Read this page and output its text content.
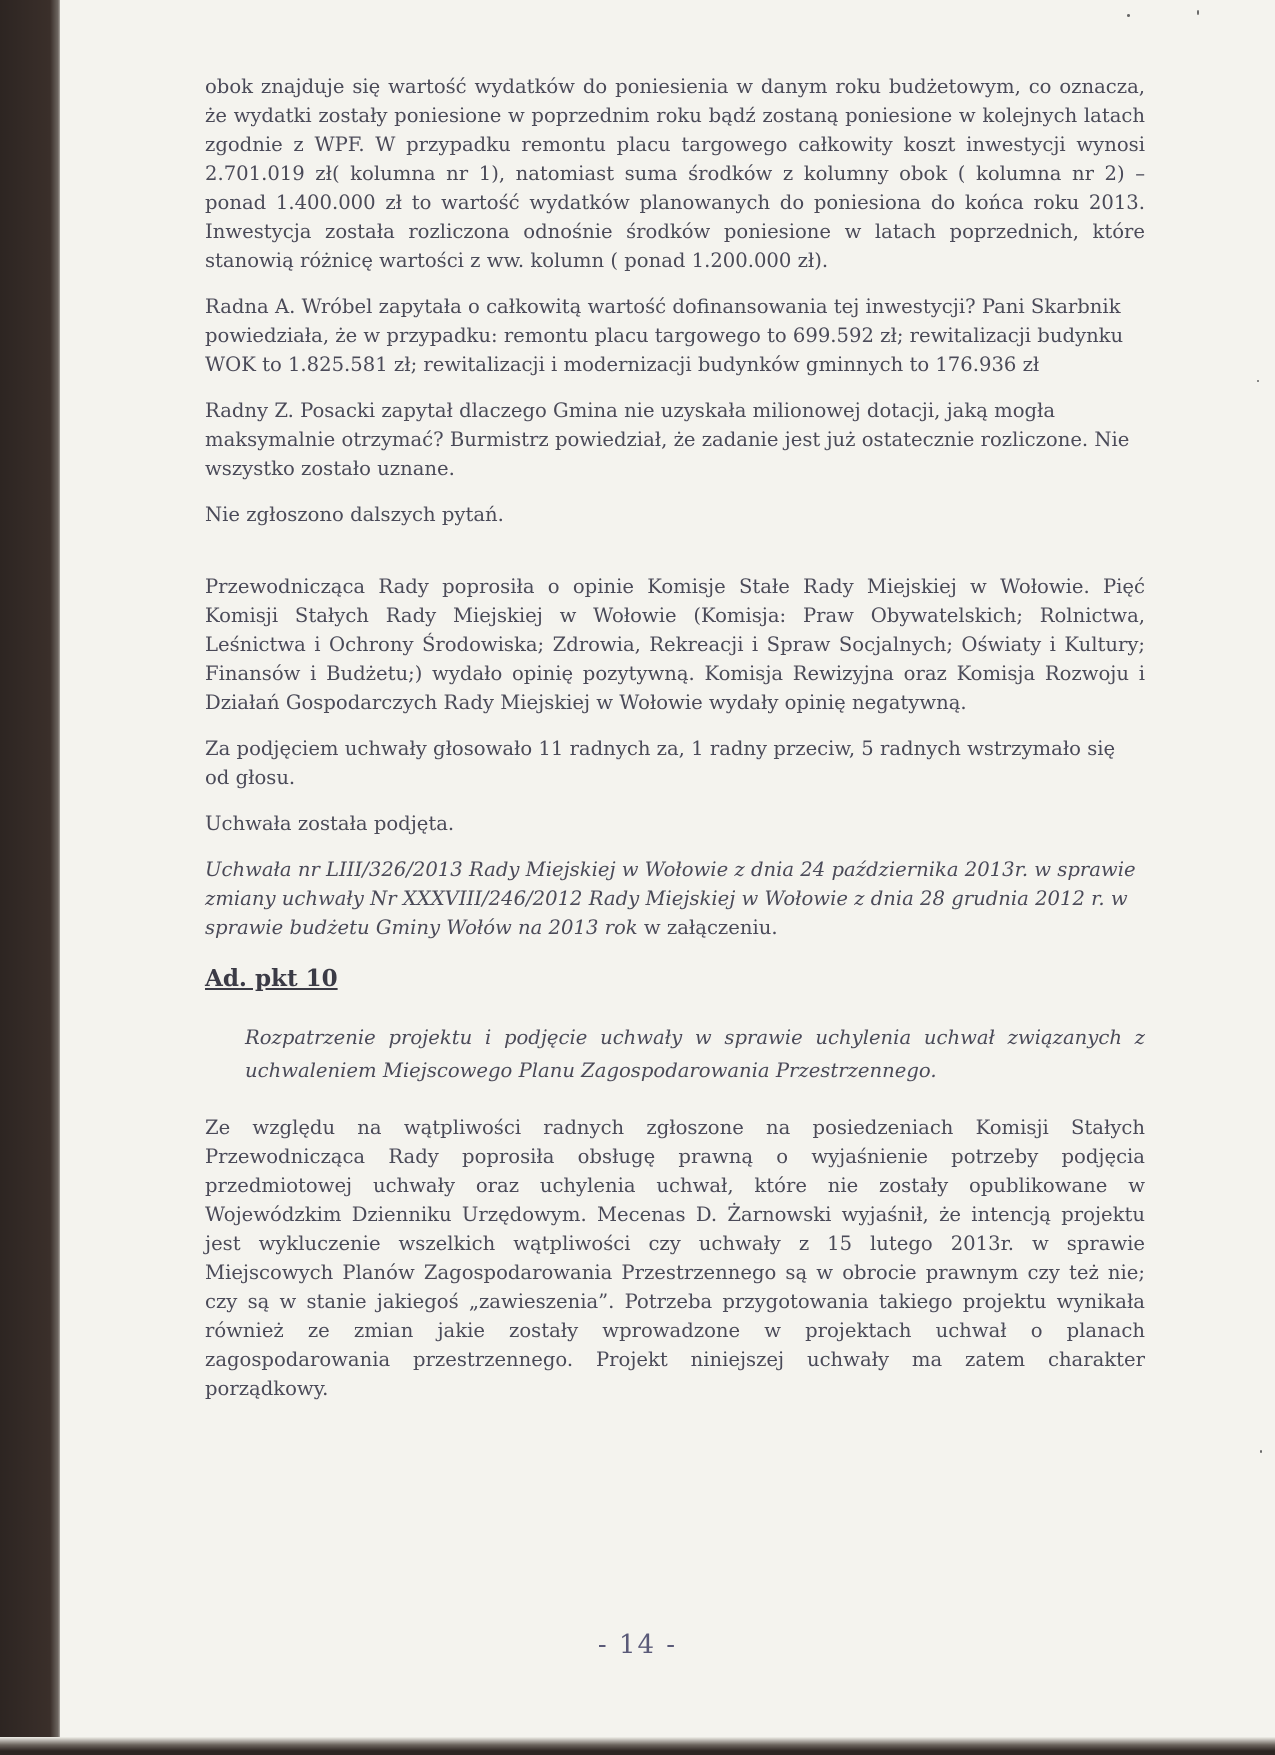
obok znajduje się wartość wydatków do poniesienia w danym roku budżetowym, co oznacza, że wydatki zostały poniesione w poprzednim roku bądź zostaną poniesione w kolejnych latach zgodnie z WPF. W przypadku remontu placu targowego całkowity koszt inwestycji wynosi 2.701.019 zł( kolumna nr 1), natomiast suma środków z kolumny obok ( kolumna nr 2) – ponad 1.400.000 zł to wartość wydatków planowanych do poniesiona do końca roku 2013. Inwestycja została rozliczona odnośnie środków poniesione w latach poprzednich, które stanowią różnicę wartości z ww. kolumn ( ponad 1.200.000 zł).

Radna A. Wróbel zapytała o całkowitą wartość dofinansowania tej inwestycji? Pani Skarbnik powiedziała, że w przypadku: remontu placu targowego to 699.592 zł; rewitalizacji budynku WOK to 1.825.581 zł; rewitalizacji i modernizacji budynków gminnych to 176.936 zł

Radny Z. Posacki zapytał dlaczego Gmina nie uzyskała milionowej dotacji, jaką mogła maksymalnie otrzymać? Burmistrz powiedział, że zadanie jest już ostatecznie rozliczone. Nie wszystko zostało uznane.

Nie zgłoszono dalszych pytań.

Przewodnicząca Rady poprosiła o opinie Komisje Stałe Rady Miejskiej w Wołowie. Pięć Komisji Stałych Rady Miejskiej w Wołowie (Komisja: Praw Obywatelskich; Rolnictwa, Leśnictwa i Ochrony Środowiska; Zdrowia, Rekreacji i Spraw Socjalnych; Oświaty i Kultury; Finansów i Budżetu;) wydało opinię pozytywną. Komisja Rewizyjna oraz Komisja Rozwoju i Działań Gospodarczych Rady Miejskiej w Wołowie wydały opinię negatywną.

Za podjęciem uchwały głosowało 11 radnych za, 1 radny przeciw, 5 radnych wstrzymało się od głosu.

Uchwała została podjęta.

Uchwała nr LIII/326/2013 Rady Miejskiej w Wołowie z dnia 24 października 2013r. w sprawie zmiany uchwały Nr XXXVIII/246/2012 Rady Miejskiej w Wołowie z dnia 28 grudnia 2012 r. w sprawie budżetu Gminy Wołów na 2013 rok w załączeniu.

Ad. pkt 10

Rozpatrzenie projektu i podjęcie uchwały w sprawie uchylenia uchwał związanych z uchwaleniem Miejscowego Planu Zagospodarowania Przestrzennego.

Ze względu na wątpliwości radnych zgłoszone na posiedzeniach Komisji Stałych Przewodnicząca Rady poprosiła obsługę prawną o wyjaśnienie potrzeby podjęcia przedmiotowej uchwały oraz uchylenia uchwał, które nie zostały opublikowane w Wojewódzkim Dzienniku Urzędowym. Mecenas D. Żarnowski wyjaśnił, że intencją projektu jest wykluczenie wszelkich wątpliwości czy uchwały z 15 lutego 2013r. w sprawie Miejscowych Planów Zagospodarowania Przestrzennego są w obrocie prawnym czy też nie; czy są w stanie jakiegoś „zawieszenia”. Potrzeba przygotowania takiego projektu wynikała również ze zmian jakie zostały wprowadzone w projektach uchwał o planach zagospodarowania przestrzennego. Projekt niniejszej uchwały ma zatem charakter porządkowy.

- 14 -
